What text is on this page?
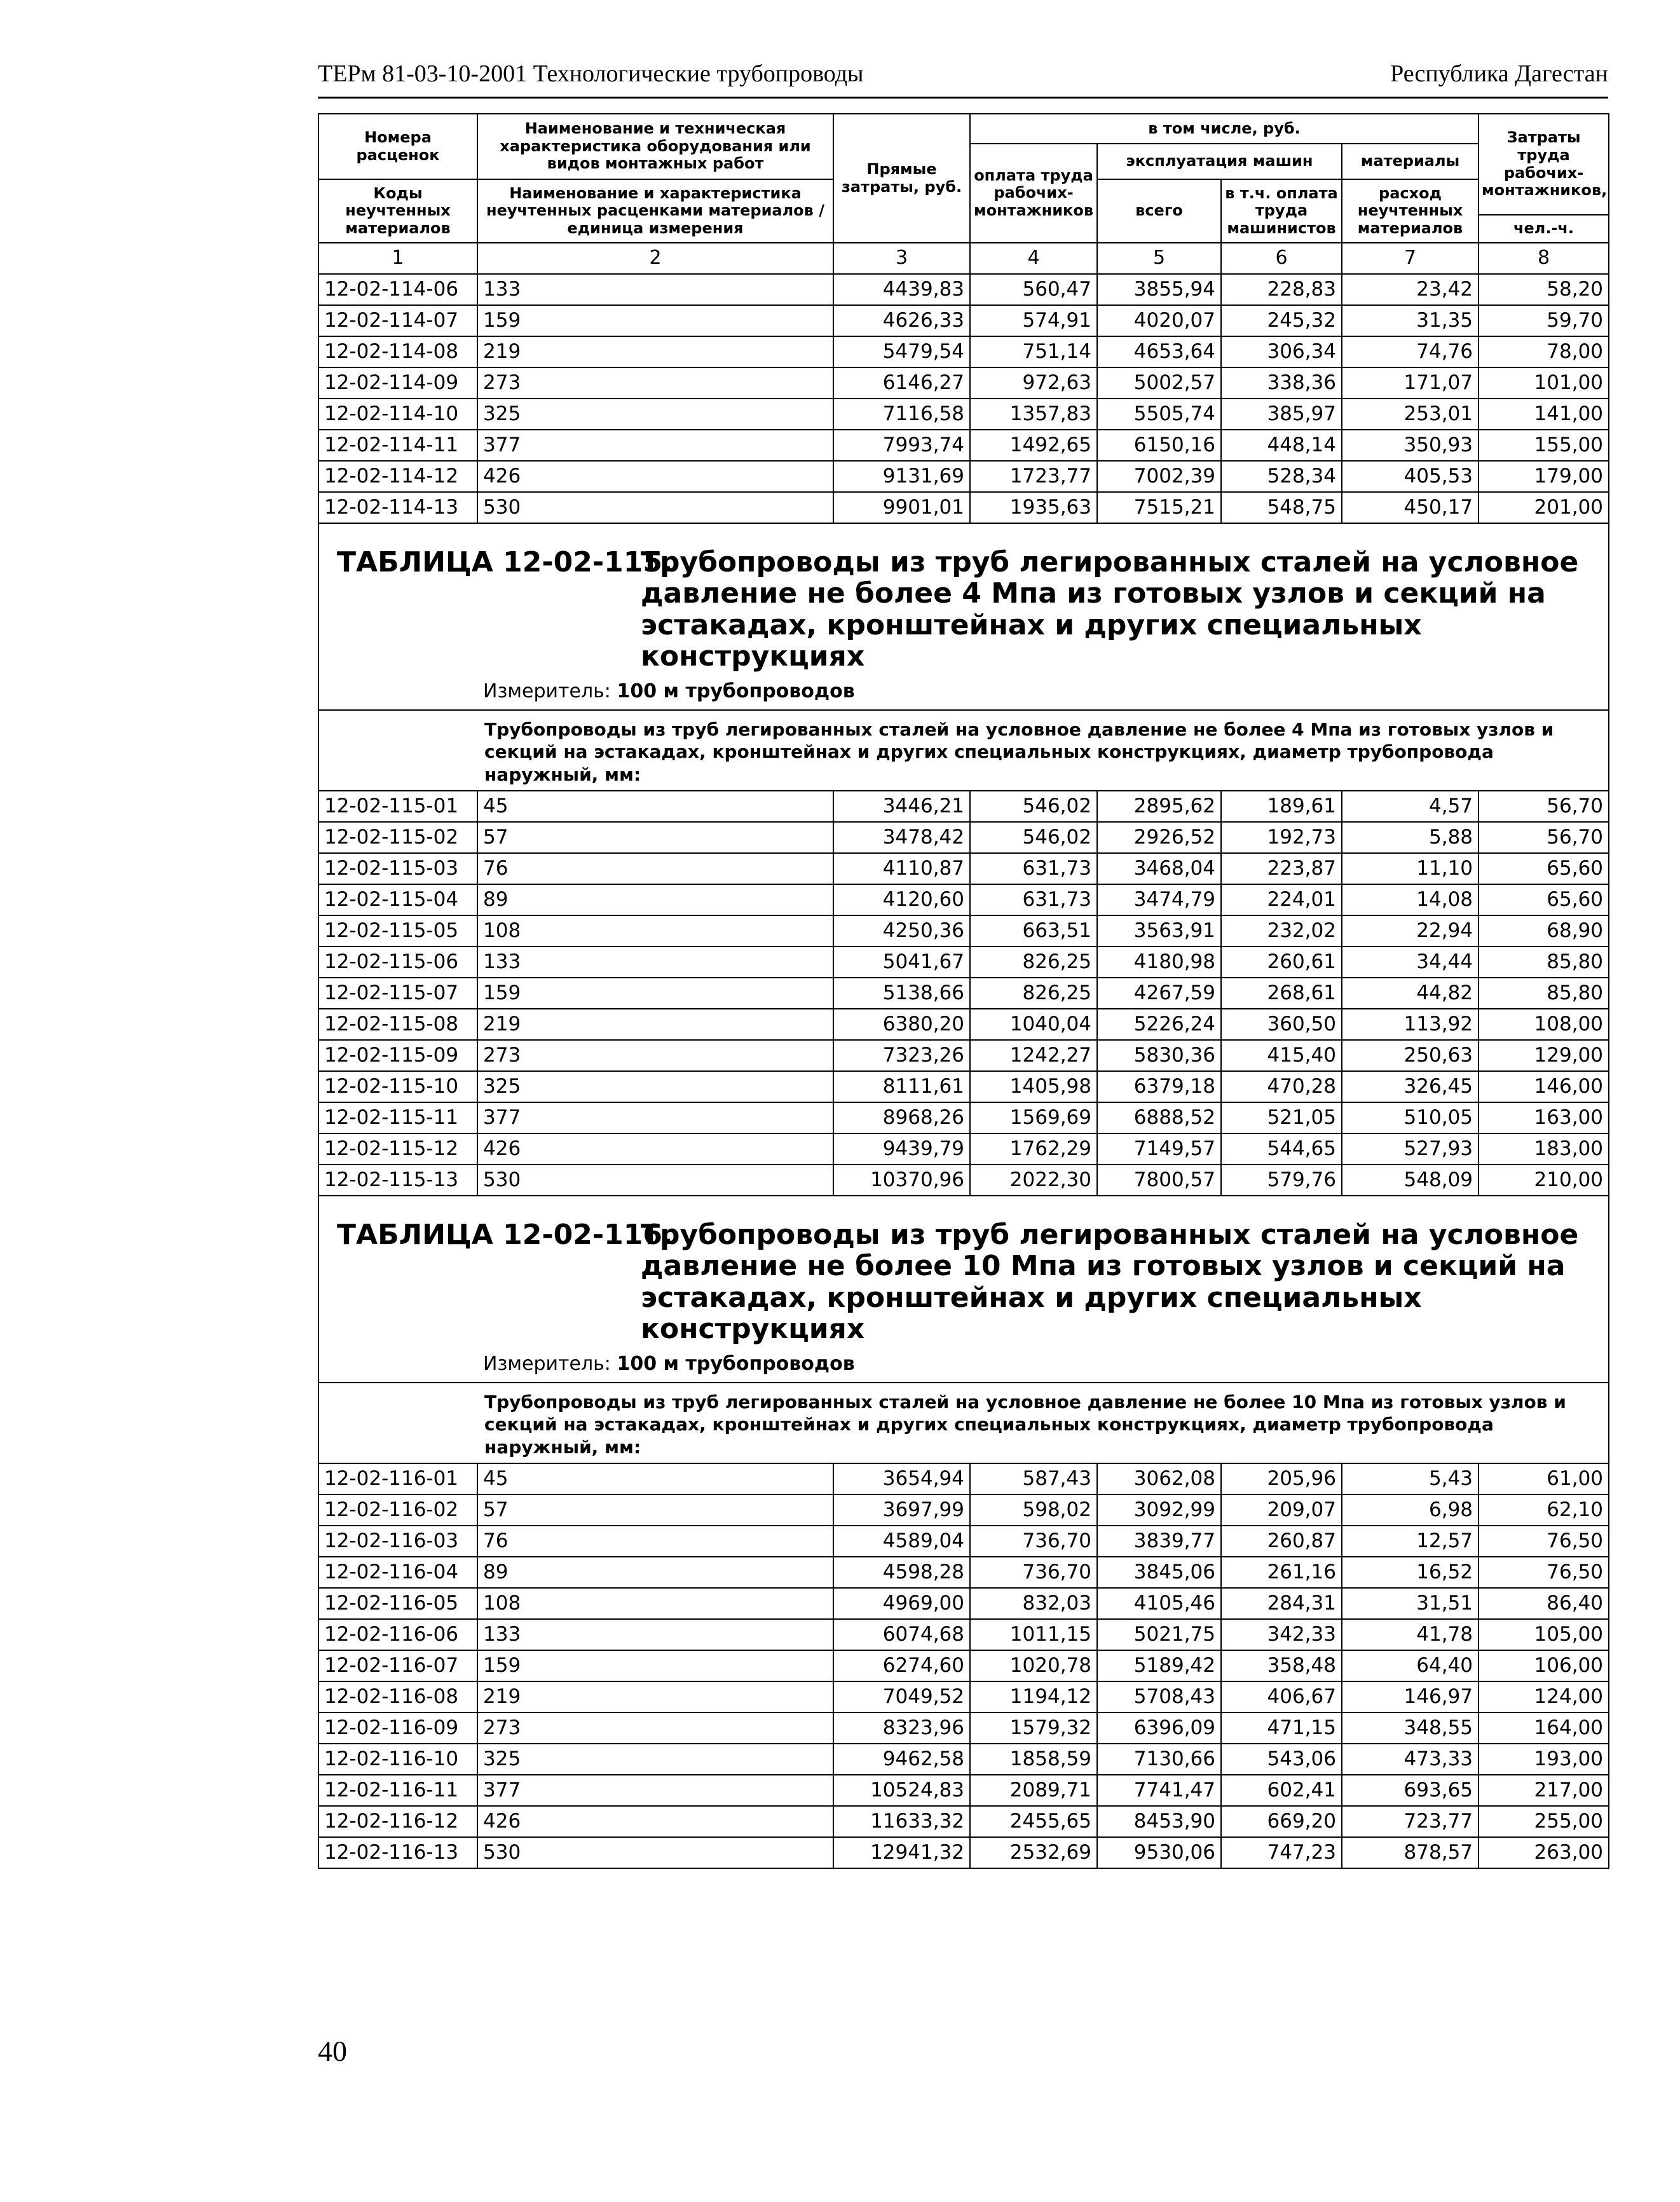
ТЕРм 81-03-10-2001 Технологические трубопроводы	Республика Дагестан
Номера расценок	Наименование и техническая характеристика оборудования или видов монтажных работ	Прямые затраты, руб.	в том числе, руб.				Затраты труда рабочих-монтажников,
			оплата труда рабочих-монтажников	эксплуатация машин		материалы	
Коды неучтенных материалов	Наименование и характеристика неучтенных расценками материалов / единица измерения			всего	в т.ч. оплата труда машинистов	расход неучтенных материалов	
							чел.-ч.
1	2	3	4	5	6	7	8
12-02-114-06	133	4439,83	560,47	3855,94	228,83	23,42	58,20
12-02-114-07	159	4626,33	574,91	4020,07	245,32	31,35	59,70
12-02-114-08	219	5479,54	751,14	4653,64	306,34	74,76	78,00
12-02-114-09	273	6146,27	972,63	5002,57	338,36	171,07	101,00
12-02-114-10	325	7116,58	1357,83	5505,74	385,97	253,01	141,00
12-02-114-11	377	7993,74	1492,65	6150,16	448,14	350,93	155,00
12-02-114-12	426	9131,69	1723,77	7002,39	528,34	405,53	179,00
12-02-114-13	530	9901,01	1935,63	7515,21	548,75	450,17	201,00

ТАБЛИЦА 12-02-115.
Трубопроводы из труб легированных сталей на условное давление не более 4 Мпа из готовых узлов и секций на эстакадах, кронштейнах и других специальных конструкциях
Измеритель: 100 м трубопроводов							

Трубопроводы из труб легированных сталей на условное давление не более 4 Мпа из готовых узлов и секций на эстакадах, кронштейнах и других специальных конструкциях, диаметр трубопровода наружный, мм:							
12-02-115-01	45	3446,21	546,02	2895,62	189,61	4,57	56,70
12-02-115-02	57	3478,42	546,02	2926,52	192,73	5,88	56,70
12-02-115-03	76	4110,87	631,73	3468,04	223,87	11,10	65,60
12-02-115-04	89	4120,60	631,73	3474,79	224,01	14,08	65,60
12-02-115-05	108	4250,36	663,51	3563,91	232,02	22,94	68,90
12-02-115-06	133	5041,67	826,25	4180,98	260,61	34,44	85,80
12-02-115-07	159	5138,66	826,25	4267,59	268,61	44,82	85,80
12-02-115-08	219	6380,20	1040,04	5226,24	360,50	113,92	108,00
12-02-115-09	273	7323,26	1242,27	5830,36	415,40	250,63	129,00
12-02-115-10	325	8111,61	1405,98	6379,18	470,28	326,45	146,00
12-02-115-11	377	8968,26	1569,69	6888,52	521,05	510,05	163,00
12-02-115-12	426	9439,79	1762,29	7149,57	544,65	527,93	183,00
12-02-115-13	530	10370,96	2022,30	7800,57	579,76	548,09	210,00

ТАБЛИЦА 12-02-116.
Трубопроводы из труб легированных сталей на условное давление не более 10 Мпа из готовых узлов и секций на эстакадах, кронштейнах и других специальных конструкциях
Измеритель: 100 м трубопроводов							

Трубопроводы из труб легированных сталей на условное давление не более 10 Мпа из готовых узлов и секций на эстакадах, кронштейнах и других специальных конструкциях, диаметр трубопровода наружный, мм:							
12-02-116-01	45	3654,94	587,43	3062,08	205,96	5,43	61,00
12-02-116-02	57	3697,99	598,02	3092,99	209,07	6,98	62,10
12-02-116-03	76	4589,04	736,70	3839,77	260,87	12,57	76,50
12-02-116-04	89	4598,28	736,70	3845,06	261,16	16,52	76,50
12-02-116-05	108	4969,00	832,03	4105,46	284,31	31,51	86,40
12-02-116-06	133	6074,68	1011,15	5021,75	342,33	41,78	105,00
12-02-116-07	159	6274,60	1020,78	5189,42	358,48	64,40	106,00
12-02-116-08	219	7049,52	1194,12	5708,43	406,67	146,97	124,00
12-02-116-09	273	8323,96	1579,32	6396,09	471,15	348,55	164,00
12-02-116-10	325	9462,58	1858,59	7130,66	543,06	473,33	193,00
12-02-116-11	377	10524,83	2089,71	7741,47	602,41	693,65	217,00
12-02-116-12	426	11633,32	2455,65	8453,90	669,20	723,77	255,00
12-02-116-13	530	12941,32	2532,69	9530,06	747,23	878,57	263,00
40
